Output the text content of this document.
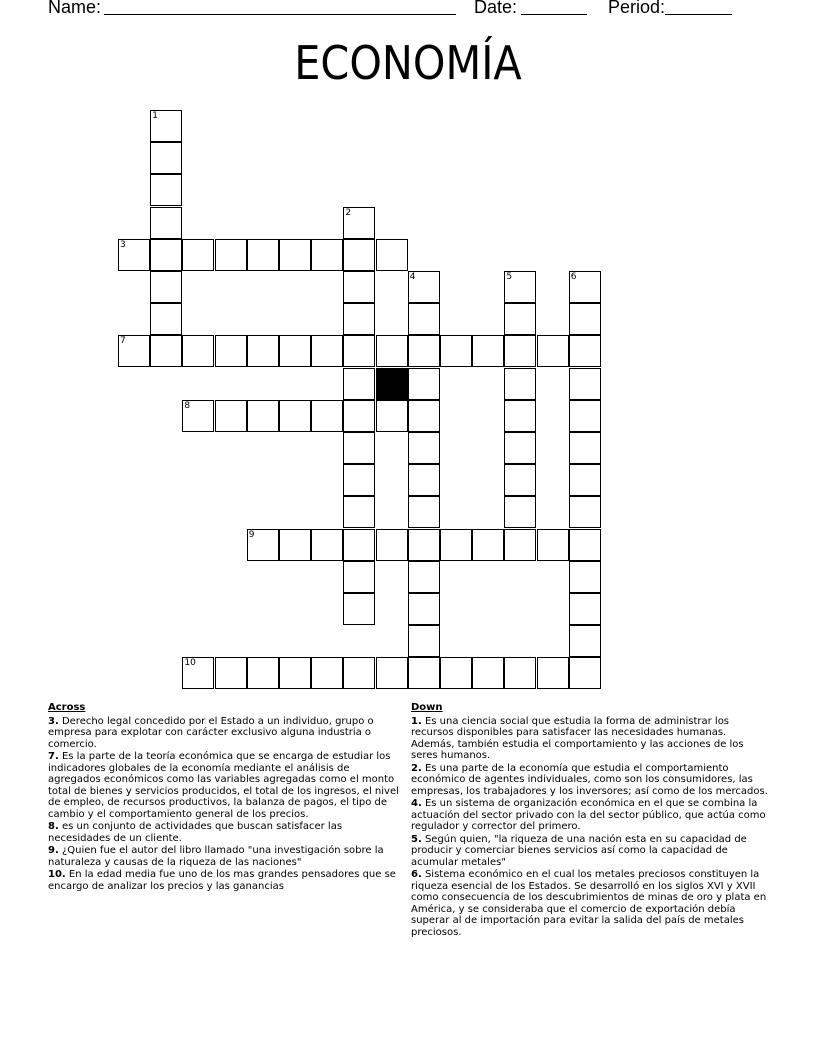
Name:	Date:	Period:
ECONOMÍA
1
2
3
4	5	6
7
8
9
10
Across
3. Derecho legal concedido por el Estado a un individuo, grupo o empresa para explotar con carácter exclusivo alguna industria o comercio.
7. Es la parte de la teoría económica que se encarga de estudiar los indicadores globales de la economía mediante el análisis de agregados económicos como las variables agregadas como el monto total de bienes y servicios producidos, el total de los ingresos, el nivel de empleo, de recursos productivos, la balanza de pagos, el tipo de cambio y el comportamiento general de los precios.
8. es un conjunto de actividades que buscan satisfacer las necesidades de un cliente.
9. ¿Quien fue el autor del libro llamado "una investigación sobre la naturaleza y causas de la riqueza de las naciones"
10. En la edad media fue uno de los mas grandes pensadores que se encargo de analizar los precios y las ganancias
Down
1. Es una ciencia social que estudia la forma de administrar los recursos disponibles para satisfacer las necesidades humanas. Además, también estudia el comportamiento y las acciones de los seres humanos.
2. Es una parte de la economía que estudia el comportamiento económico de agentes individuales, como son los consumidores, las empresas, los trabajadores y los inversores; así como de los mercados.
4. Es un sistema de organización económica en el que se combina la actuación del sector privado con la del sector público, que actúa como regulador y corrector del primero.
5. Según quien, "la riqueza de una nación esta en su capacidad de producir y comerciar bienes servicios así como la capacidad de acumular metales"
6. Sistema económico en el cual los metales preciosos constituyen la riqueza esencial de los Estados. Se desarrolló en los siglos XVI y XVII como consecuencia de los descubrimientos de minas de oro y plata en América, y se consideraba que el comercio de exportación debía superar al de importación para evitar la salida del país de metales preciosos.
